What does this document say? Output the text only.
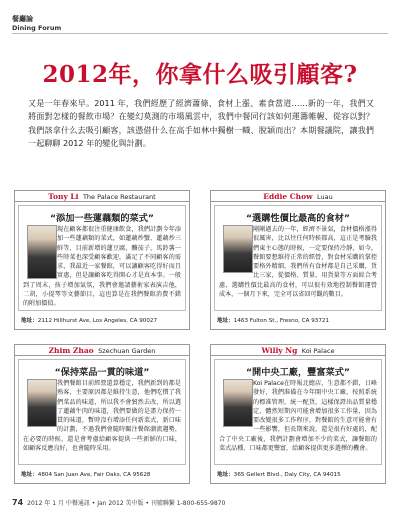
餐廳論
Dining Forum
2012年，你拿什么吸引顧客?
又是一年春來早。2011 年，我們經歷了經濟蕭條、食材上漲、素食當道……新的一年，我們又將面對怎樣的餐飲市場？在變幻莫測的市場風雲中，我們中餐同行該如何運籌帷幄、從容以對？我們該拿什么去吸引顧客，該憑借什么在高手如林中獨樹一幟、脫穎而出？本期餐議院，讓我們一起聊聊 2012 年的變化與計劃。
Tony Li The Palace Restaurant
“添加一些蓮藕類的菜式”
現在顧客都很注重健康飲食，我們計劃今年添加一些蓮藕類的菜式，如蓮藕炒蟹、蓮藕炒三鮮等，目前新增的蓮豆腐、釀茄子、馬鈴薯一些時菜也深受顧客歡迎，滿足了不同顧客的需求，我最近一家餐館，可以讓顧客吃得好而且實惠，但是讓顧客吃得開心才是真本事。一般到了周末，孩子增加氣氛，我們會邀請藝術家表演吉他，二胡，小提琴等文藝節目，這也算是在我們餐館消費不錯的附加價值。
地址：2112 Hillhurst Ave, Los Angeles, CA 90027
Eddie Chow Luau
“選購性價比最高的食材”
剛剛過去的一年，經濟不景氣，食材價格漲得很厲害，比以往任何時候都高，這正是考驗我們東主心態的時候，一定要保持冷靜，如今，餐館要想維持正常的經營，對食材采購的掌控要格外精細，我們所有食材都是自己采購，貨比三家，從價格、質量、用貨量等方面綜合考慮，選購性價比最高的食材，可以很有效地控制餐館運營成本，一個月下來，完全可以省回可觀的數目。
地址：1463 Fulton St., Fresno, CA 93721
Zhim Zhao Szechuan Garden
“保持菜品一貫的味道”
我們餐館目前經營還算穩定，我們新到的都是熟客，主要原因都是維持生意，他們吃慣了我們菜品的味道，所以我不會貿然去改，所以選了蓮藕牛肉的味道，我們要做的是盡力保持一貫的味道，暫時沒有增添任何新菜式，新口味的計劃，不過我們會隨時關注餐館潮流趨勢，在必要的時候，還是會考慮給顧客提供一些新鮮的口味，如顧客反應良好，也會隨時采用。
地址：4804 San Juan Ave, Fair Oaks, CA 95628
Willy Ng Koi Palace
“開中央工廠，豐富菜式”
Koi Palace在時報北總店，生意都不錯，日峰發好，我們准備在今年開中央工廠，按照系統的標准管理，統一配貨，這樣保證出品質量穩定，體然短期內可能會增加很多工作量，因為要改變很多工作程序，對餐館的生意可能會有一些影響，但長期來說，還是很有好處的，配合了中央工廠後，我們計劃會增加不少的菜式，讓餐館的菜式品種、口味都更豐富，給顧客提供更多選擇的機會。
地址：365 Gellert Blvd., Daly City, CA 94015
74 2012 年 1 月 中餐通訊 • Jan 2012 美中版 • 刊號聯繫 1-800-655-9870
